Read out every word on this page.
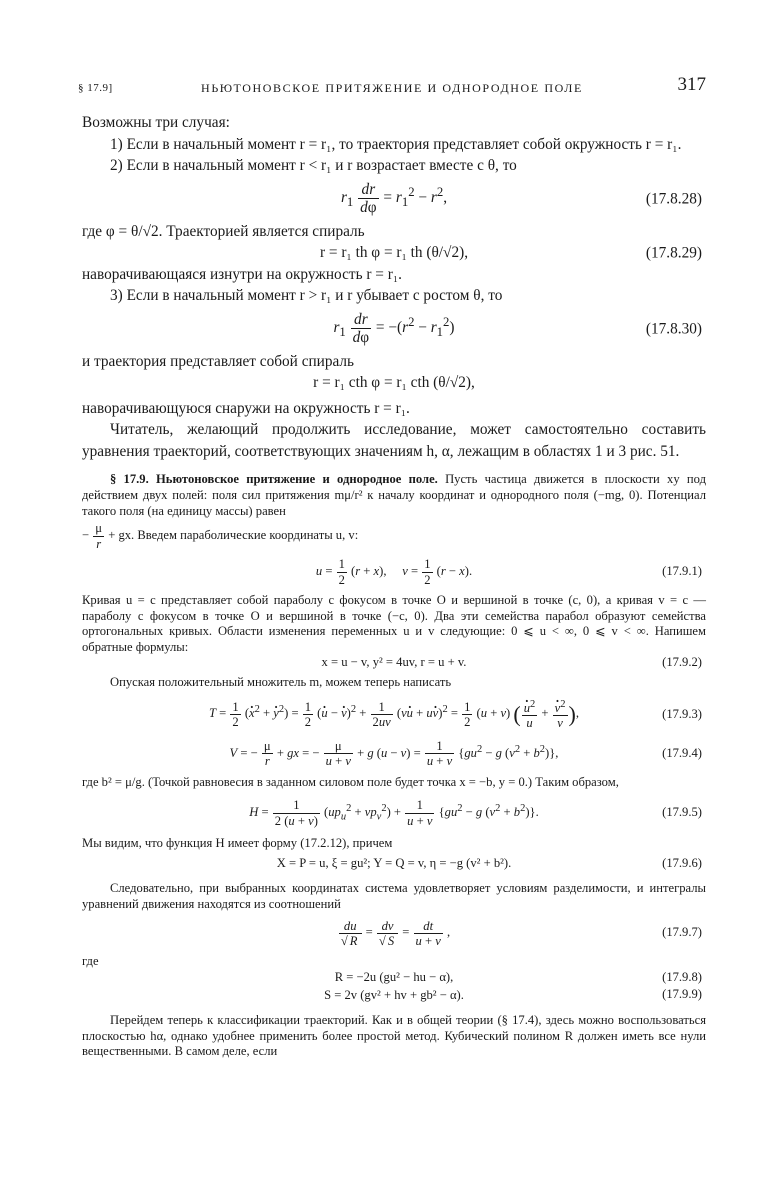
§ 17.9]	НЬЮТОНОВСКОЕ ПРИТЯЖЕНИЕ И ОДНОРОДНОЕ ПОЛЕ	317

Возможны три случая:

1) Если в начальный момент r = r₁, то траектория представляет собой окружность r = r₁.

2) Если в начальный момент r < r₁ и r возрастает вместе с θ, то

$r_1 \frac{dr}{d\varphi} = r_1^2 - r^2$,	(17.8.28)

где φ = θ/√2. Траекторией является спираль

r = r₁ th φ = r₁ th (θ/√2),	(17.8.29)

наворачивающаяся изнутри на окружность r = r₁.

3) Если в начальный момент r > r₁ и r убывает с ростом θ, то

$r_1 \frac{dr}{d\varphi} = -(r^2 - r_1^2)$	(17.8.30)

и траектория представляет собой спираль

r = r₁ cth φ = r₁ cth (θ/√2),

наворачивающуюся снаружи на окружность r = r₁.

Читатель, желающий продолжить исследование, может самостоятельно составить уравнения траекторий, соответствующих значениям h, α, лежащим в областях 1 и 3 рис. 51.

§ 17.9. Ньютоновское притяжение и однородное поле. Пусть частица движется в плоскости xy под действием двух полей: поля сил притяжения mμ/r² к началу координат и однородного поля (−mg, 0). Потенциал такого поля (на единицу массы) равен

− $\frac{\mu}{r}$ + gx. Введем параболические координаты u, v:

$u = \frac{1}{2} (r + x)$,     $v = \frac{1}{2} (r - x)$.	(17.9.1)

Кривая u = c представляет собой параболу с фокусом в точке O и вершиной в точке (c, 0), а кривая v = c — параболу с фокусом в точке O и вершиной в точке (−c, 0). Два эти семейства парабол образуют семейства ортогональных кривых. Области изменения переменных u и v следующие: 0 ⩽ u < ∞, 0 ⩽ v < ∞. Напишем обратные формулы:

x = u − v, y² = 4uv, r = u + v.	(17.9.2)

Опуская положительный множитель m, можем теперь написать

$T = \frac{1}{2}$ (· $x^2$ + · $y^2) = \frac{1}{2}$ (· u − · $v)^2 + \frac{1}{2uv} (v\cdot u + u\cdot v)^2 = \frac{1}{2} (u + v)$ ( · $\frac{u^2}{u}$ + · $\frac{v^2}{v}$ ),	(17.9.3)
V = − $\frac{\mu}{r}$ + gx = − $\frac{\mu}{u + v} + g$ $(u - v) = \frac{1}{u + v} \{gu^2 - g$ $(v^2 + b^2)$},	(17.9.4)

где b² = μ/g. (Точкой равновесия в заданном силовом поле будет точка x = −b, y = 0.) Таким образом,

$H = \frac{1}{2 (u + v)} (up_u^2 + vp_v^2) + \frac{1}{u + v} \{gu^2 - g$ $(v^2 + b^2)$}.	(17.9.5)

Мы видим, что функция H имеет форму (17.2.12), причем

X = P = u, ξ = gu²; Y = Q = v, η = −g (v² + b²).	(17.9.6)

Следовательно, при выбранных координатах система удовлетворяет условиям разделимости, и интегралы уравнений движения находятся из соотношений

$\frac{du}{√ R} = \frac{dv}{√ S} = \frac{dt}{u + v}$ ,	(17.9.7)

где

R = −2u (gu² − hu − α),	(17.9.8)
S = 2v (gv² + hv + gb² − α).	(17.9.9)

Перейдем теперь к классификации траекторий. Как и в общей теории (§ 17.4), здесь можно воспользоваться плоскостью hα, однако удобнее применить более простой метод. Кубический полином R должен иметь все нули вещественными. В самом деле, если
